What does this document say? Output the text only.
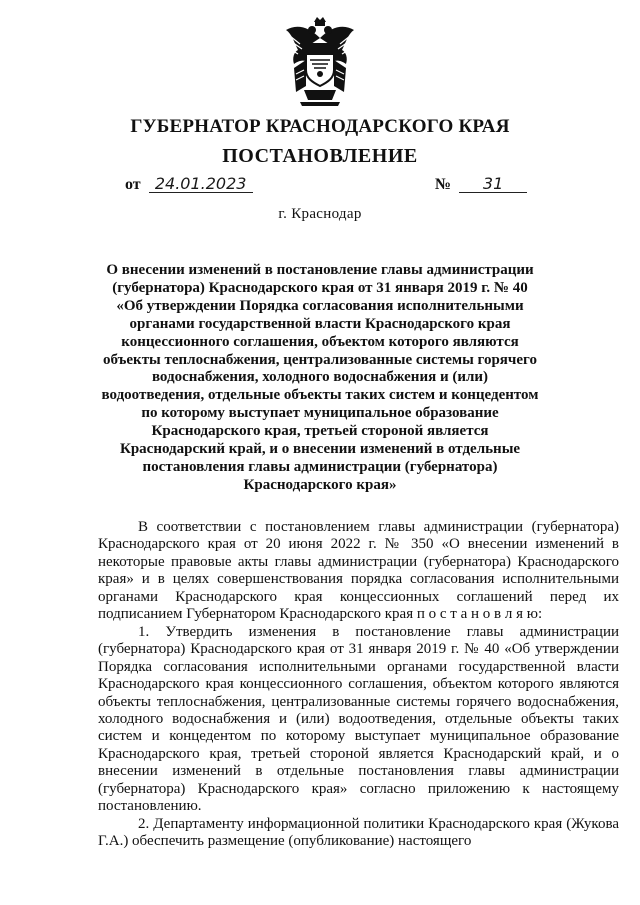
ГУБЕРНАТОР КРАСНОДАРСКОГО КРАЯ
ПОСТАНОВЛЕНИЕ
от 24.01.2023	№ 31
г. Краснодар
О внесении изменений в постановление главы администрации (губернатора) Краснодарского края от 31 января 2019 г. № 40 «Об утверждении Порядка согласования исполнительными органами государственной власти Краснодарского края концессионного соглашения, объектом которого являются объекты теплоснабжения, централизованные системы горячего водоснабжения, холодного водоснабжения и (или) водоотведения, отдельные объекты таких систем и концедентом по которому выступает муниципальное образование Краснодарского края, третьей стороной является Краснодарский край, и о внесении изменений в отдельные постановления главы администрации (губернатора) Краснодарского края»

В соответствии с постановлением главы администрации (губернатора) Краснодарского края от 20 июня 2022 г. № 350 «О внесении изменений в некоторые правовые акты главы администрации (губернатора) Краснодарского края» и в целях совершенствования порядка согласования исполнительными органами Краснодарского края концессионных соглашений перед их подписанием Губернатором Краснодарского края п о с т а н о в л я ю:

1. Утвердить изменения в постановление главы администрации (губернатора) Краснодарского края от 31 января 2019 г. № 40 «Об утверждении Порядка согласования исполнительными органами государственной власти Краснодарского края концессионного соглашения, объектом которого являются объекты теплоснабжения, централизованные системы горячего водоснабжения, холодного водоснабжения и (или) водоотведения, отдельные объекты таких систем и концедентом по которому выступает муниципальное образование Краснодарского края, третьей стороной является Краснодарский край, и о внесении изменений в отдельные постановления главы администрации (губернатора) Краснодарского края» согласно приложению к настоящему постановлению.

2. Департаменту информационной политики Краснодарского края (Жукова Г.А.) обеспечить размещение (опубликование) настоящего
